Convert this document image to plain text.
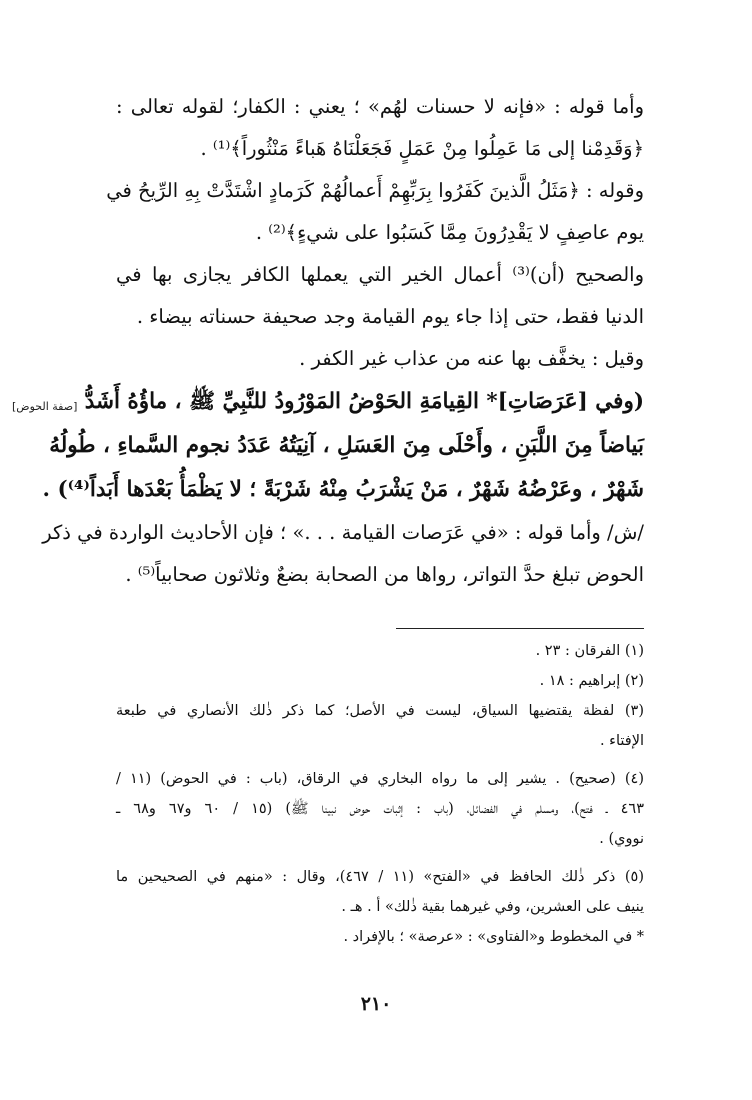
[صفة الحوض]
وأما قوله : «فإنه لا حسنات لهُم» ؛ يعني : الكفار؛ لقوله تعالى :
﴿وَقَدِمْنا إلى مَا عَمِلُوا مِنْ عَمَلٍ فَجَعَلْنَاهُ هَباءً مَنْثُوراً﴾⁽¹⁾ .
وقوله : ﴿مَثَلُ الَّذينَ كَفَرُوا بِرَبِّهِمْ أَعمالُهُمْ كَرَمادٍ اشْتَدَّتْ بِهِ الرِّيحُ في
يوم عاصِفٍ لا يَقْدِرُونَ مِمَّا كَسَبُوا على شيءٍ﴾⁽²⁾ .
والصحيح (أن)⁽³⁾ أعمال الخير التي يعملها الكافر يجازى بها في
الدنيا فقط، حتى إذا جاء يوم القيامة وجد صحيفة حسناته بيضاء .
وقيل : يخفَّف بها عنه من عذاب غير الكفر .
(وفي [عَرَصَاتِ]* القِيامَةِ الحَوْضُ المَوْرُودُ للنَّبِيِّ ﷺ ، ماؤُهُ أَشَدُّ
بَياضاً مِنَ اللَّبَنِ ، وأَحْلَى مِنَ العَسَلِ ، آنِيَتُهُ عَدَدُ نجوم السَّماءِ ، طُولُهُ
شَهْرٌ ، وعَرْضُهُ شَهْرٌ ، مَنْ يَشْرَبُ مِنْهُ شَرْبَةً ؛ لا يَظْمَأُ بَعْدَها أَبَداً⁽⁴⁾) .
/ش/ وأما قوله : «في عَرَصات القيامة . . .» ؛ فإن الأحاديث الواردة في ذكر
الحوض تبلغ حدَّ التواتر، رواها من الصحابة بضعٌ وثلاثون صحابياً⁽⁵⁾ .
(١) الفرقان : ٢٣ .
(٢) إبراهيم : ١٨ .
(٣) لفظة يقتضيها السياق، ليست في الأصل؛ كما ذكر ذٰلك الأنصاري في طبعة
الإفتاء .
(٤) (صحيح) . يشير إلى ما رواه البخاري في الرقاق، (باب : في الحوض) (١١ /
٤٦٣ ـ فتح)، ومسلم في الفضائل، (باب : إثبات حوض نبينا ﷺ) (١٥ / ٦٠ و٦٧ و٦٨ ـ
نووي) .
(٥) ذكر ذٰلك الحافظ في «الفتح» (١١ / ٤٦٧)، وقال : «منهم في الصحيحين ما
ينيف على العشرين، وفي غيرهما بقية ذٰلك» أ . هـ .
* في المخطوط و«الفتاوى» : «عرصة» ؛ بالإفراد .
٢١٠
